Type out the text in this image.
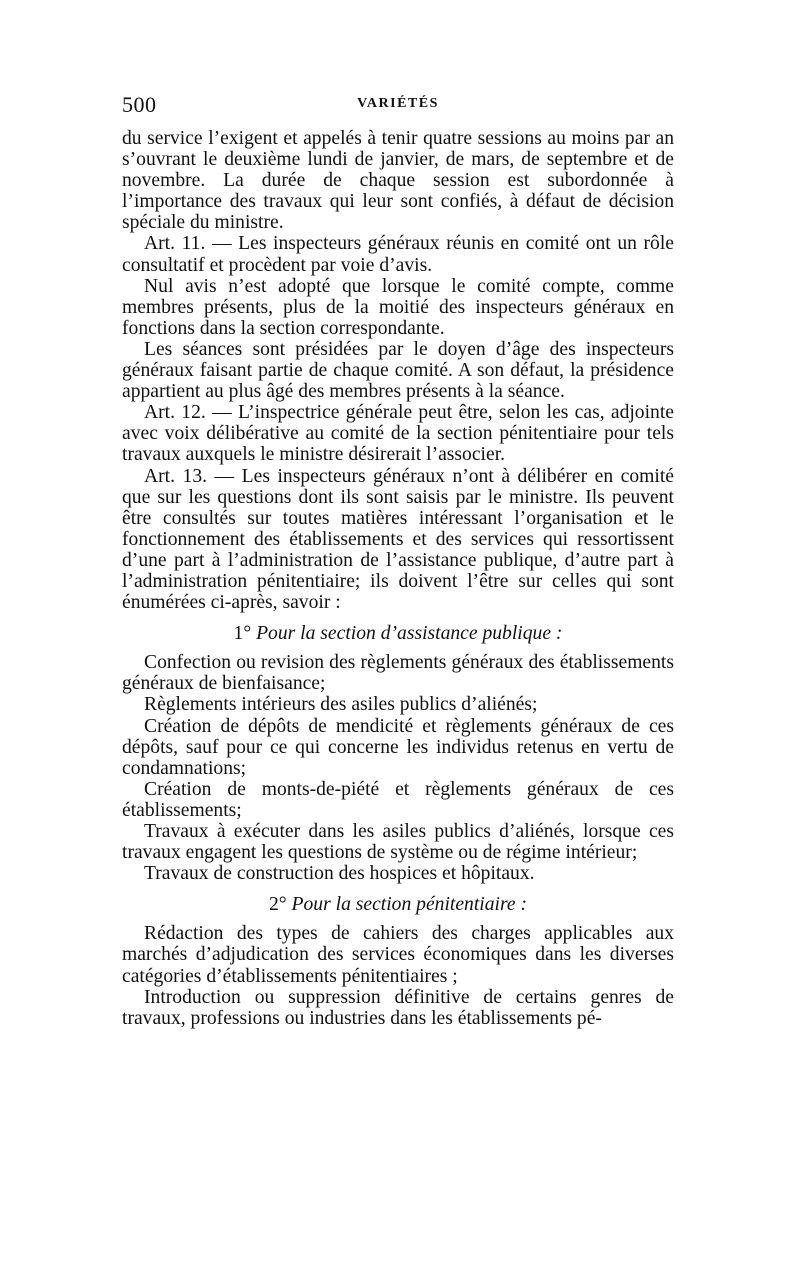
500	VARIÉTÉS

du service l’exigent et appelés à tenir quatre sessions au moins par an s’ouvrant le deuxième lundi de janvier, de mars, de septembre et de novembre. La durée de chaque session est subordonnée à l’importance des travaux qui leur sont confiés, à défaut de décision spéciale du ministre.

Art. 11. — Les inspecteurs généraux réunis en comité ont un rôle consultatif et procèdent par voie d’avis.

Nul avis n’est adopté que lorsque le comité compte, comme membres présents, plus de la moitié des inspecteurs généraux en fonctions dans la section correspondante.

Les séances sont présidées par le doyen d’âge des inspecteurs généraux faisant partie de chaque comité. A son défaut, la présidence appartient au plus âgé des membres présents à la séance.

Art. 12. — L’inspectrice générale peut être, selon les cas, adjointe avec voix délibérative au comité de la section pénitentiaire pour tels travaux auxquels le ministre désirerait l’associer.

Art. 13. — Les inspecteurs généraux n’ont à délibérer en comité que sur les questions dont ils sont saisis par le ministre. Ils peuvent être consultés sur toutes matières intéressant l’organisation et le fonctionnement des établissements et des services qui ressortissent d’une part à l’administration de l’assistance publique, d’autre part à l’administration pénitentiaire; ils doivent l’être sur celles qui sont énumérées ci-après, savoir :

1° Pour la section d’assistance publique :

Confection ou revision des règlements généraux des établissements généraux de bienfaisance;

Règlements intérieurs des asiles publics d’aliénés;

Création de dépôts de mendicité et règlements généraux de ces dépôts, sauf pour ce qui concerne les individus retenus en vertu de condamnations;

Création de monts-de-piété et règlements généraux de ces établissements;

Travaux à exécuter dans les asiles publics d’aliénés, lorsque ces travaux engagent les questions de système ou de régime intérieur;

Travaux de construction des hospices et hôpitaux.

2° Pour la section pénitentiaire :

Rédaction des types de cahiers des charges applicables aux marchés d’adjudication des services économiques dans les diverses catégories d’établissements pénitentiaires ;

Introduction ou suppression définitive de certains genres de travaux, professions ou industries dans les établissements pé-
